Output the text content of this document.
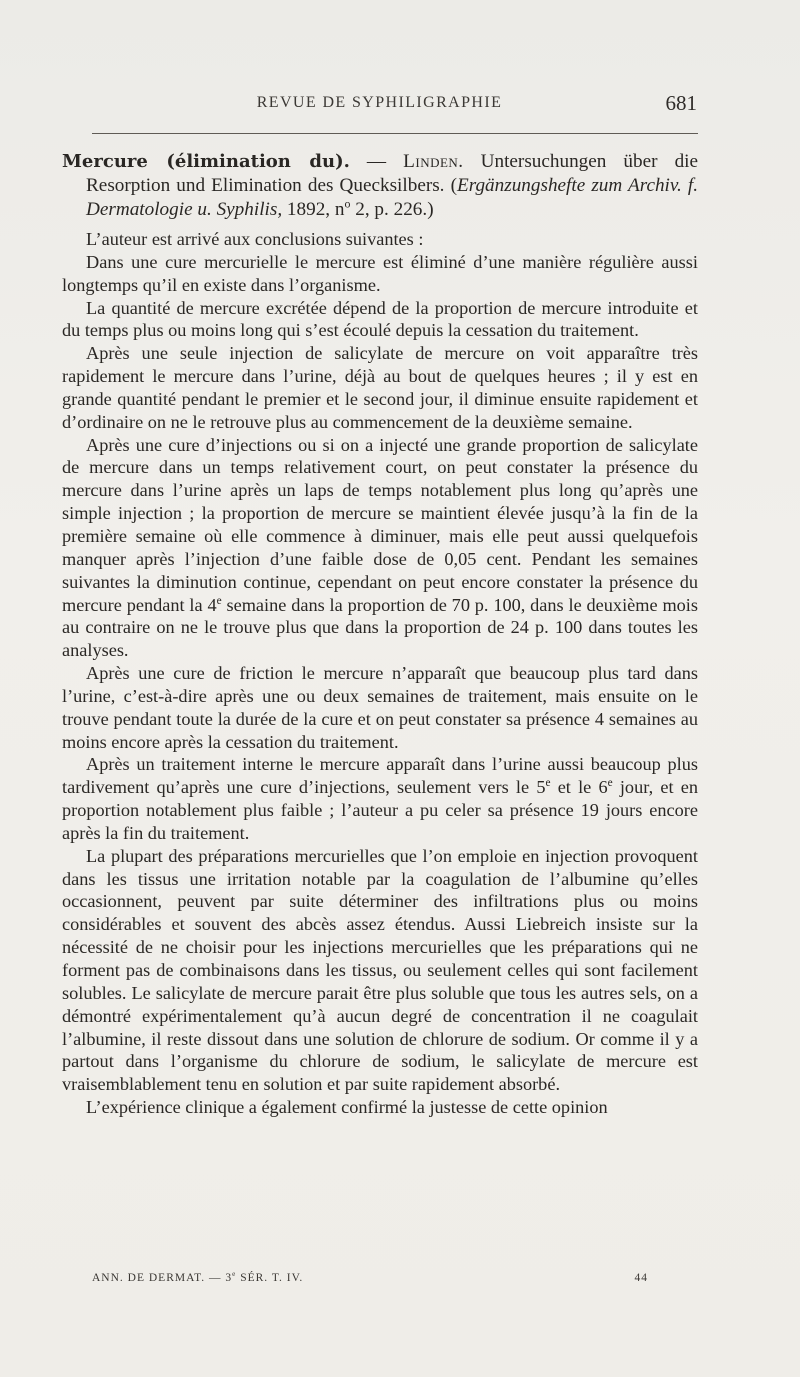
REVUE DE SYPHILIGRAPHIE	681

Mercure (élimination du). — Linden. Untersuchungen über die Resorption und Elimination des Quecksilbers. (Ergänzungshefte zum Archiv. f. Dermatologie u. Syphilis, 1892, $n^o$ 2, p. 226.)

L’auteur est arrivé aux conclusions suivantes :

Dans une cure mercurielle le mercure est éliminé d’une manière régulière aussi longtemps qu’il en existe dans l’organisme.

La quantité de mercure excrétée dépend de la proportion de mercure introduite et du temps plus ou moins long qui s’est écoulé depuis la cessation du traitement.

Après une seule injection de salicylate de mercure on voit apparaître très rapidement le mercure dans l’urine, déjà au bout de quelques heures ; il y est en grande quantité pendant le premier et le second jour, il diminue ensuite rapidement et d’ordinaire on ne le retrouve plus au commencement de la deuxième semaine.

Après une cure d’injections ou si on a injecté une grande proportion de salicylate de mercure dans un temps relativement court, on peut constater la présence du mercure dans l’urine après un laps de temps notablement plus long qu’après une simple injection ; la proportion de mercure se maintient élevée jusqu’à la fin de la première semaine où elle commence à diminuer, mais elle peut aussi quelquefois manquer après l’injection d’une faible dose de 0,05 cent. Pendant les semaines suivantes la diminution continue, cependant on peut encore constater la présence du mercure pendant la 4e semaine dans la proportion de 70 p. 100, dans le deuxième mois au contraire on ne le trouve plus que dans la proportion de 24 p. 100 dans toutes les analyses.

Après une cure de friction le mercure n’apparaît que beaucoup plus tard dans l’urine, c’est-à-dire après une ou deux semaines de traitement, mais ensuite on le trouve pendant toute la durée de la cure et on peut constater sa présence 4 semaines au moins encore après la cessation du traitement.

Après un traitement interne le mercure apparaît dans l’urine aussi beaucoup plus tardivement qu’après une cure d’injections, seulement vers le 5e et le 6e jour, et en proportion notablement plus faible ; l’auteur a pu celer sa présence 19 jours encore après la fin du traitement.

La plupart des préparations mercurielles que l’on emploie en injection provoquent dans les tissus une irritation notable par la coagulation de l’albumine qu’elles occasionnent, peuvent par suite déterminer des infiltrations plus ou moins considérables et souvent des abcès assez étendus. Aussi Liebreich insiste sur la nécessité de ne choisir pour les injections mercurielles que les préparations qui ne forment pas de combinaisons dans les tissus, ou seulement celles qui sont facilement solubles. Le salicylate de mercure parait être plus soluble que tous les autres sels, on a démontré expérimentalement qu’à aucun degré de concentration il ne coagulait l’albumine, il reste dissout dans une solution de chlorure de sodium. Or comme il y a partout dans l’organisme du chlorure de sodium, le salicylate de mercure est vraisemblablement tenu en solution et par suite rapidement absorbé.

L’expérience clinique a également confirmé la justesse de cette opinion

ANN. DE DERMAT. — 3e SÉR. T. IV.	44
